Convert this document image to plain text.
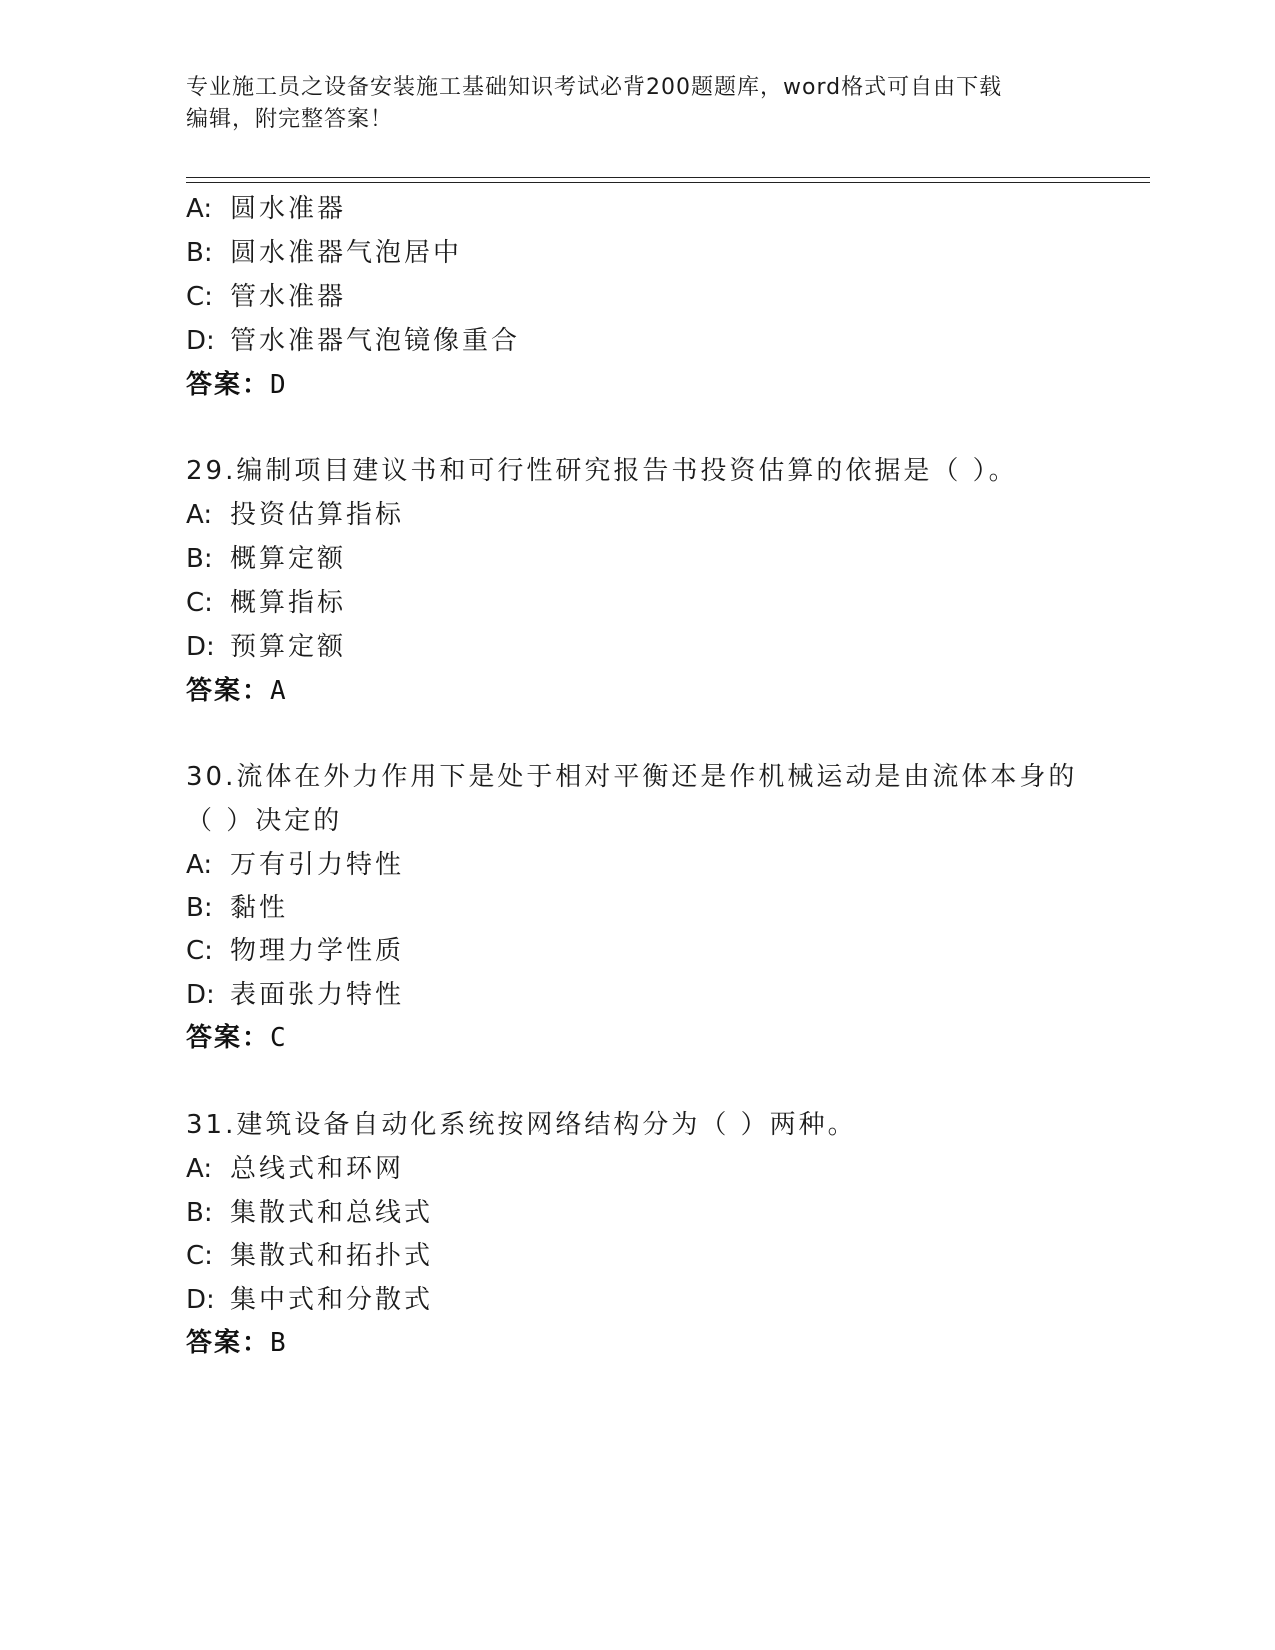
专业施工员之设备安装施工基础知识考试必背200题题库，word格式可自由下载
编辑，附完整答案！
A: 圆水准器
B: 圆水准器气泡居中
C: 管水准器
D: 管水准器气泡镜像重合
答案：D
29.编制项目建议书和可行性研究报告书投资估算的依据是（ ）。
A: 投资估算指标
B: 概算定额
C: 概算指标
D: 预算定额
答案：A
30.流体在外力作用下是处于相对平衡还是作机械运动是由流体本身的
（ ）决定的
A: 万有引力特性
B: 黏性
C: 物理力学性质
D: 表面张力特性
答案：C
31.建筑设备自动化系统按网络结构分为（ ）两种。
A: 总线式和环网
B: 集散式和总线式
C: 集散式和拓扑式
D: 集中式和分散式
答案：B
